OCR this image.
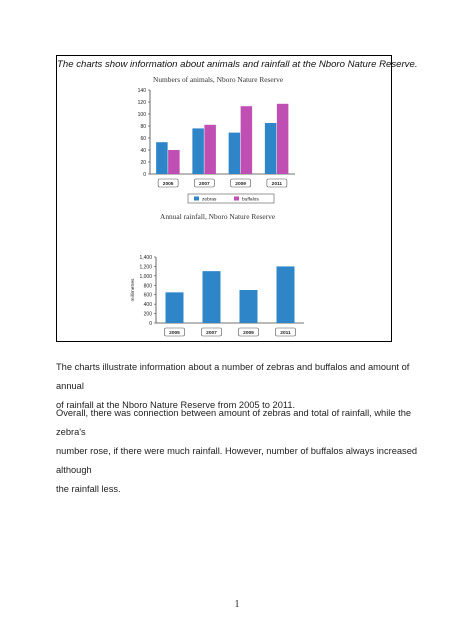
The charts show information about animals and rainfall at the Nboro Nature Reserve.
Numbers of animals, Nboro Nature Reserve
0
20
40
60
80
100
120
140
2005	2007	2009	2011
zebras	buffalos
Annual rainfall, Nboro Nature Reserve
0
200
400
600
800
1,000
1,200
1,400
2005	2007	2009	2011
millimetres
The charts illustrate information about a number of zebras and buffalos and amount of annual
of rainfall at the Nboro Nature Reserve from 2005 to 2011.
Overall, there was connection between amount of zebras and total of rainfall, while the zebra's
number rose, if there were much rainfall. However, number of buffalos always increased although
the rainfall less.
1
